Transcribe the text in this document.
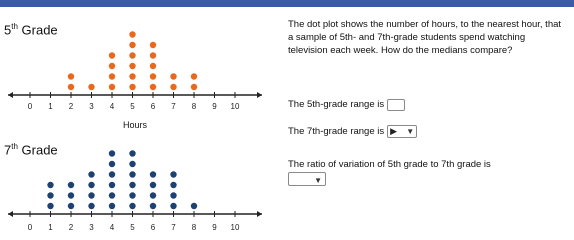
5th Grade
0 1 2 3 4 5 6 7 8 9 10
Hours
7th Grade
0 1 2 3 4 5 6 7 8 9 10
The dot plot shows the number of hours, to the nearest hour, that a sample of 5th- and 7th-grade students spend watching television each week. How do the medians compare?
The 5th-grade range is
The 7th-grade range is ▶ ▼
The ratio of variation of 5th grade to 7th grade is
▼
